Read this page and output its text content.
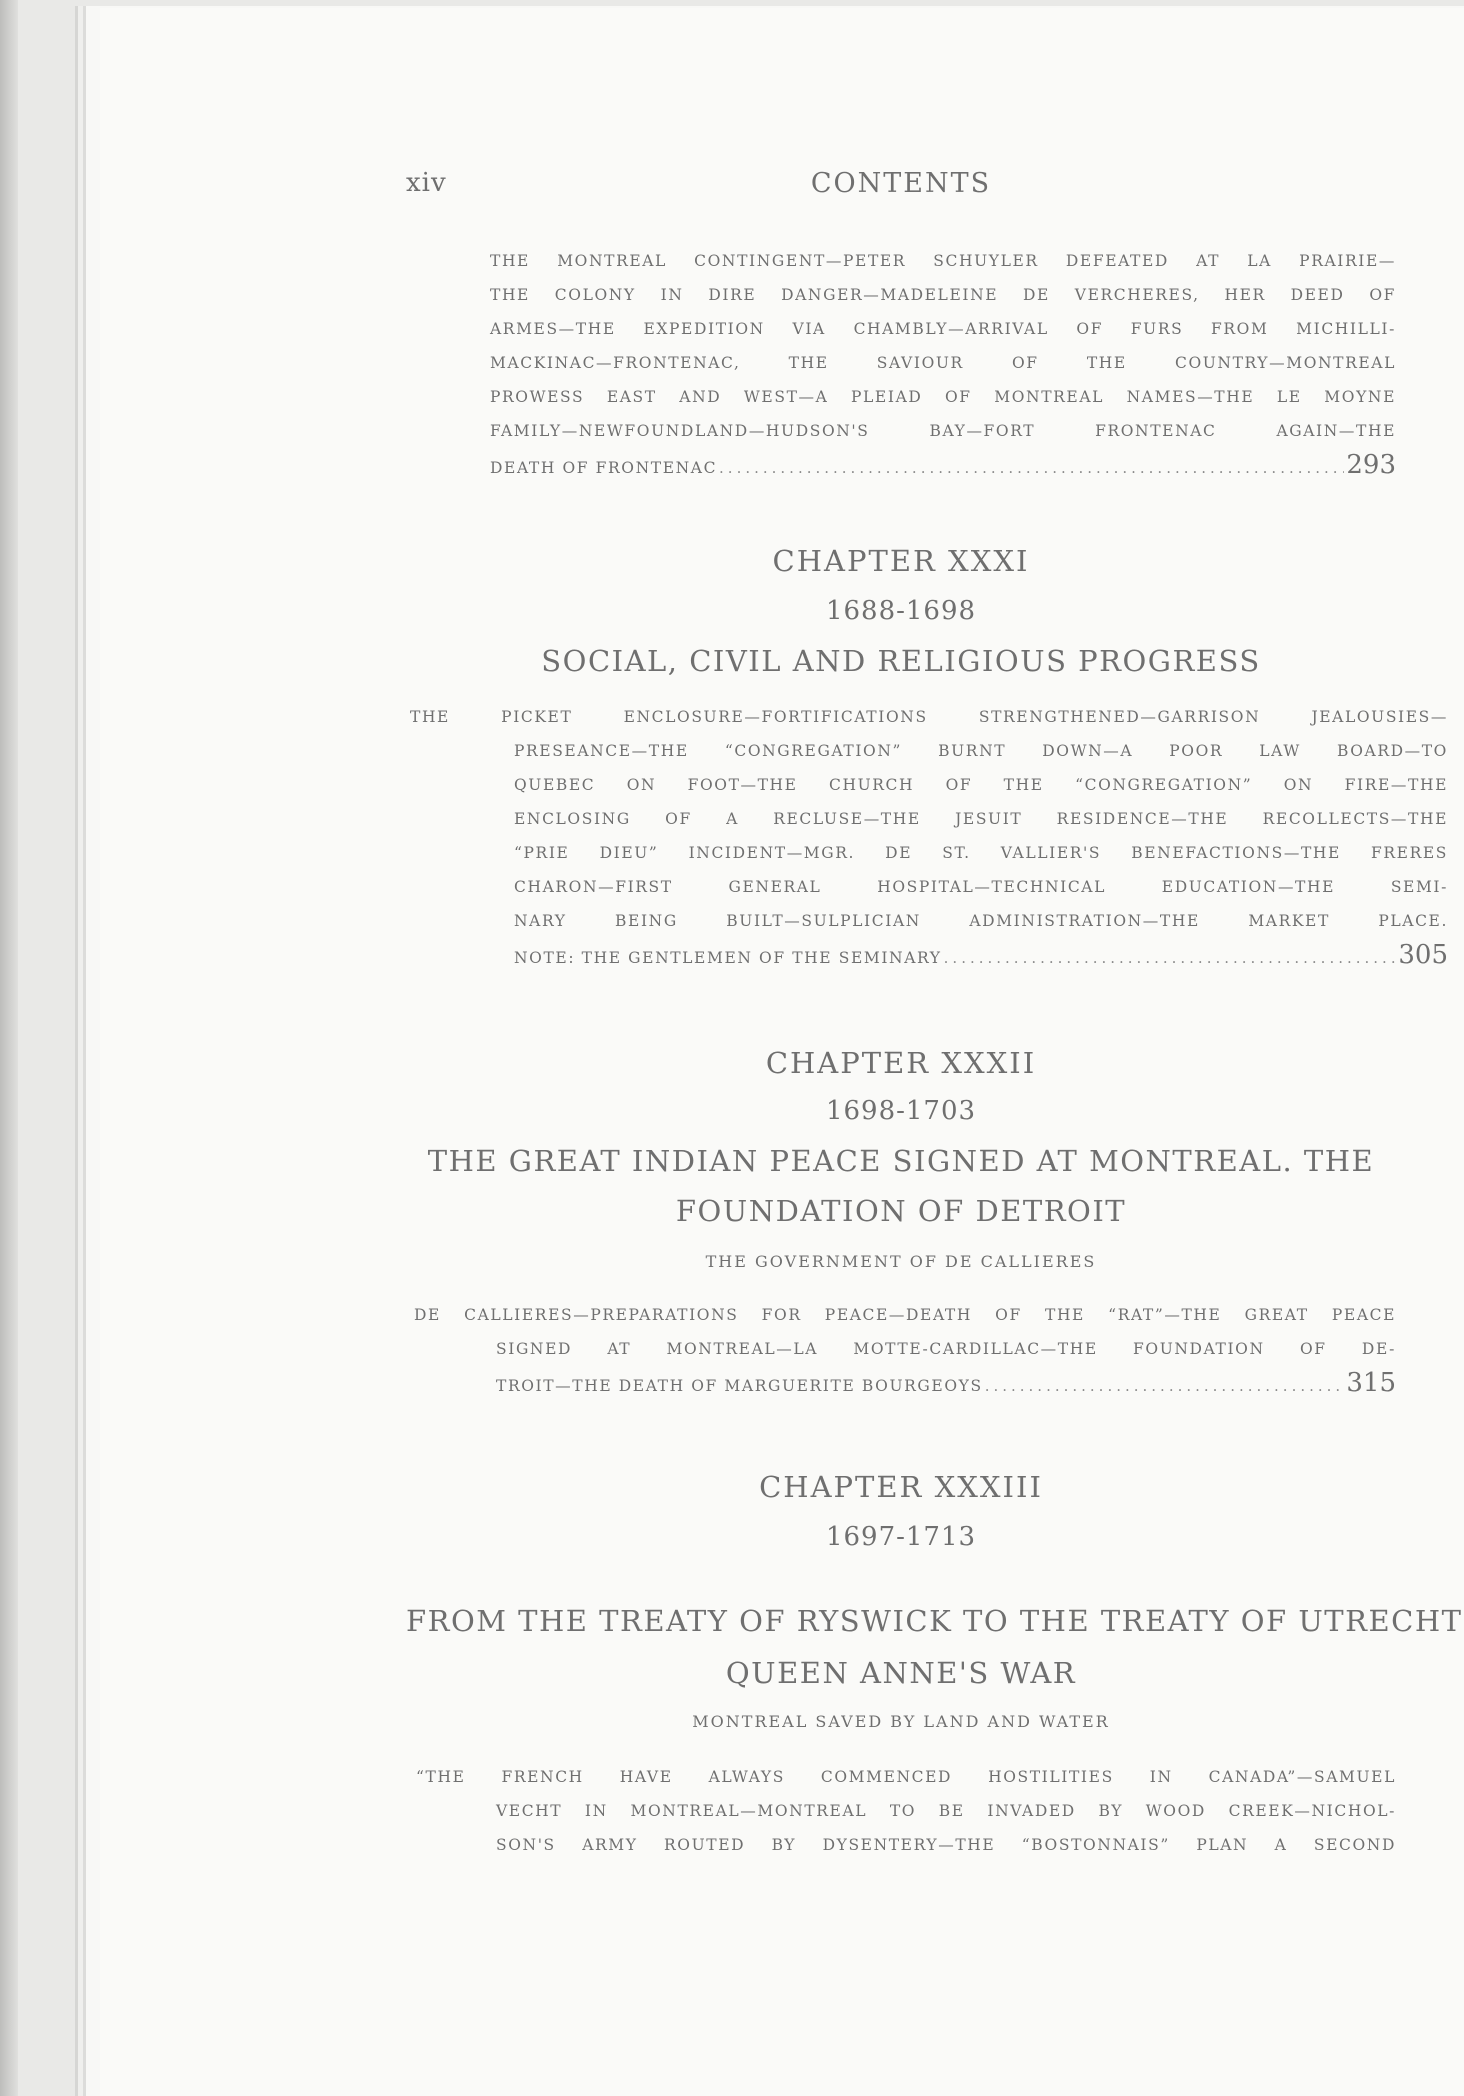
xiv	CONTENTS
THE MONTREAL CONTINGENT—PETER SCHUYLER DEFEATED AT LA PRAIRIE—
THE COLONY IN DIRE DANGER—MADELEINE DE VERCHERES, HER DEED OF
ARMES—THE EXPEDITION VIA CHAMBLY—ARRIVAL OF FURS FROM MICHILLI-
MACKINAC—FRONTENAC, THE SAVIOUR OF THE COUNTRY—MONTREAL
PROWESS EAST AND WEST—A PLEIAD OF MONTREAL NAMES—THE LE MOYNE
FAMILY—NEWFOUNDLAND—HUDSON'S BAY—FORT FRONTENAC AGAIN—THE
DEATH OF FRONTENAC .....	293
CHAPTER XXXI
1688-1698
SOCIAL, CIVIL AND RELIGIOUS PROGRESS
THE PICKET ENCLOSURE—FORTIFICATIONS STRENGTHENED—GARRISON JEALOUSIES—
PRESEANCE—THE “CONGREGATION” BURNT DOWN—A POOR LAW BOARD—TO
QUEBEC ON FOOT—THE CHURCH OF THE “CONGREGATION” ON FIRE—THE
ENCLOSING OF A RECLUSE—THE JESUIT RESIDENCE—THE RECOLLECTS—THE
“PRIE DIEU” INCIDENT—MGR. DE ST. VALLIER'S BENEFACTIONS—THE FRERES
CHARON—FIRST GENERAL HOSPITAL—TECHNICAL EDUCATION—THE SEMI-
NARY BEING BUILT—SULPLICIAN ADMINISTRATION—THE MARKET PLACE.
NOTE: THE GENTLEMEN OF THE SEMINARY .....	305
CHAPTER XXXII
1698-1703
THE GREAT INDIAN PEACE SIGNED AT MONTREAL. THE
FOUNDATION OF DETROIT
THE GOVERNMENT OF DE CALLIERES
DE CALLIERES—PREPARATIONS FOR PEACE—DEATH OF THE “RAT”—THE GREAT PEACE
SIGNED AT MONTREAL—LA MOTTE-CARDILLAC—THE FOUNDATION OF DE-
TROIT—THE DEATH OF MARGUERITE BOURGEOYS .....	315
CHAPTER XXXIII
1697-1713
FROM THE TREATY OF RYSWICK TO THE TREATY OF UTRECHT
QUEEN ANNE'S WAR
MONTREAL SAVED BY LAND AND WATER
“THE FRENCH HAVE ALWAYS COMMENCED HOSTILITIES IN CANADA”—SAMUEL
VECHT IN MONTREAL—MONTREAL TO BE INVADED BY WOOD CREEK—NICHOL-
SON'S ARMY ROUTED BY DYSENTERY—THE “BOSTONNAIS” PLAN A SECOND
